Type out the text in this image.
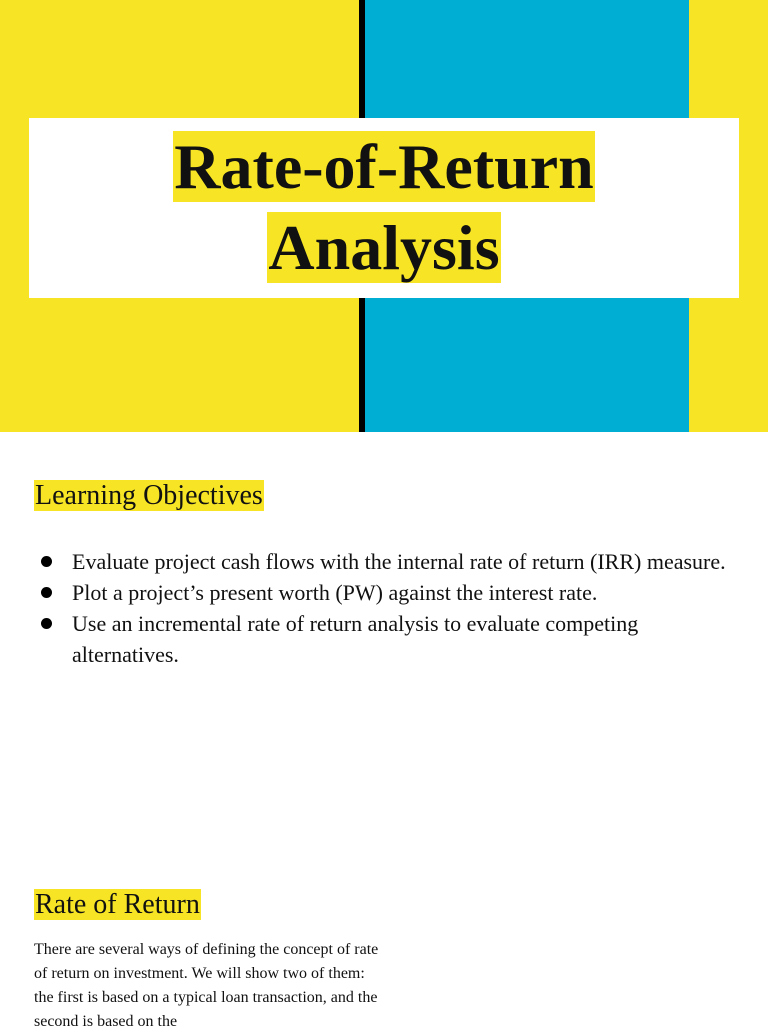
Rate-of-Return
Analysis
Learning Objectives
Evaluate project cash flows with the internal rate of return (IRR) measure.
Plot a project’s present worth (PW) against the interest rate.
Use an incremental rate of return analysis to evaluate competing alternatives.
Rate of Return

There are several ways of defining the concept of rate of return on investment. We will show two of them: the first is based on a typical loan transaction, and the second is based on the
